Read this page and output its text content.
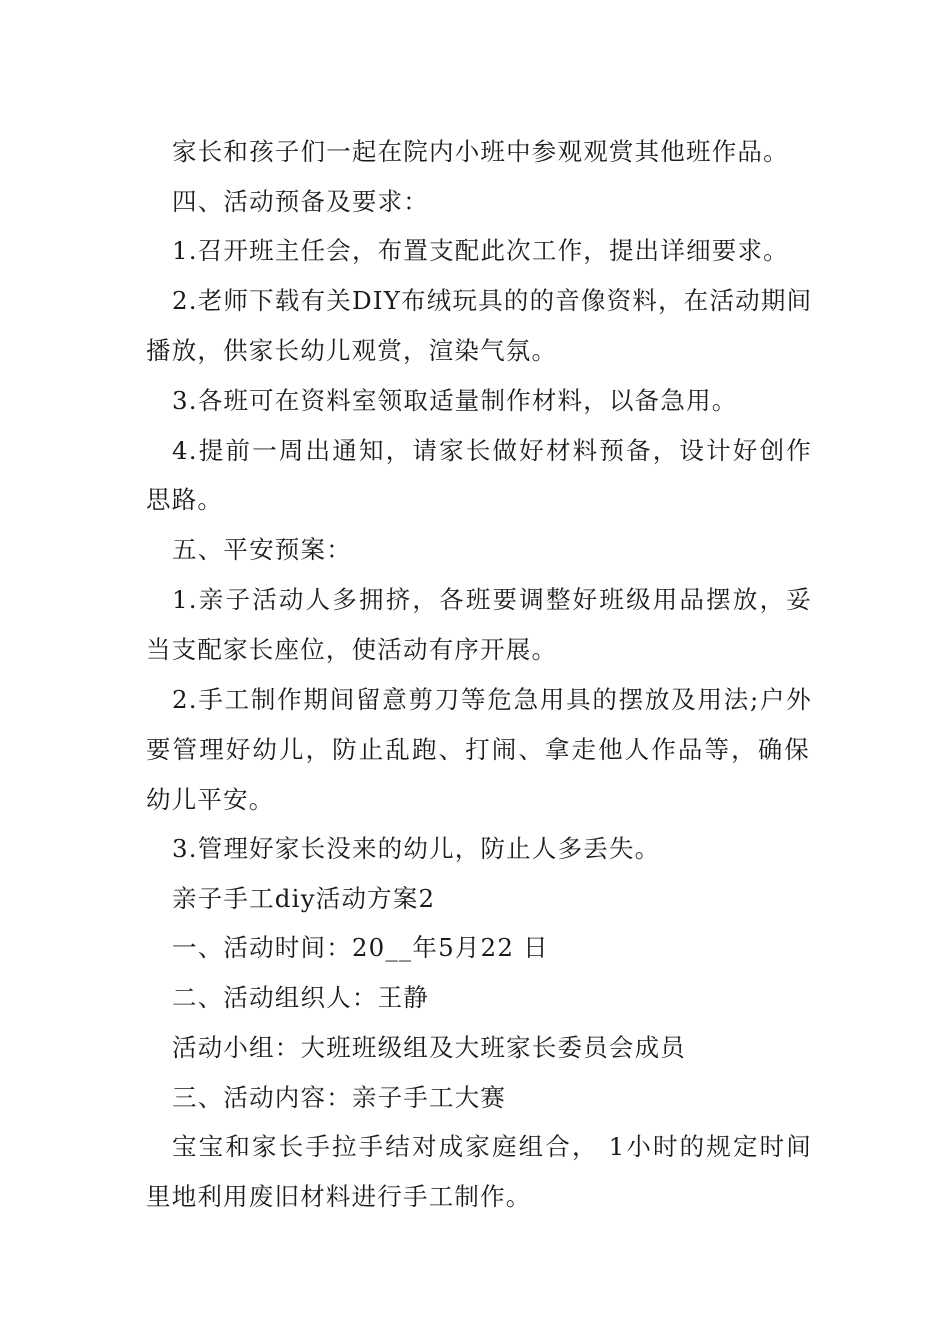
家长和孩子们一起在院内小班中参观观赏其他班作品。
四、活动预备及要求：
1.召开班主任会，布置支配此次工作，提出详细要求。
2.老师下载有关DIY布绒玩具的的音像资料，在活动期间
播放，供家长幼儿观赏，渲染气氛。
3.各班可在资料室领取适量制作材料，以备急用。
4.提前一周出通知，请家长做好材料预备，设计好创作
思路。
五、平安预案：
1.亲子活动人多拥挤，各班要调整好班级用品摆放，妥
当支配家长座位，使活动有序开展。
2.手工制作期间留意剪刀等危急用具的摆放及用法;户外
要管理好幼儿，防止乱跑、打闹、拿走他人作品等，确保
幼儿平安。
3.管理好家长没来的幼儿，防止人多丢失。
亲子手工diy活动方案2
一、活动时间：20__年5月22 日
二、活动组织人：王静
活动小组：大班班级组及大班家长委员会成员
三、活动内容：亲子手工大赛
宝宝和家长手拉手结对成家庭组合， 1小时的规定时间
里地利用废旧材料进行手工制作。
